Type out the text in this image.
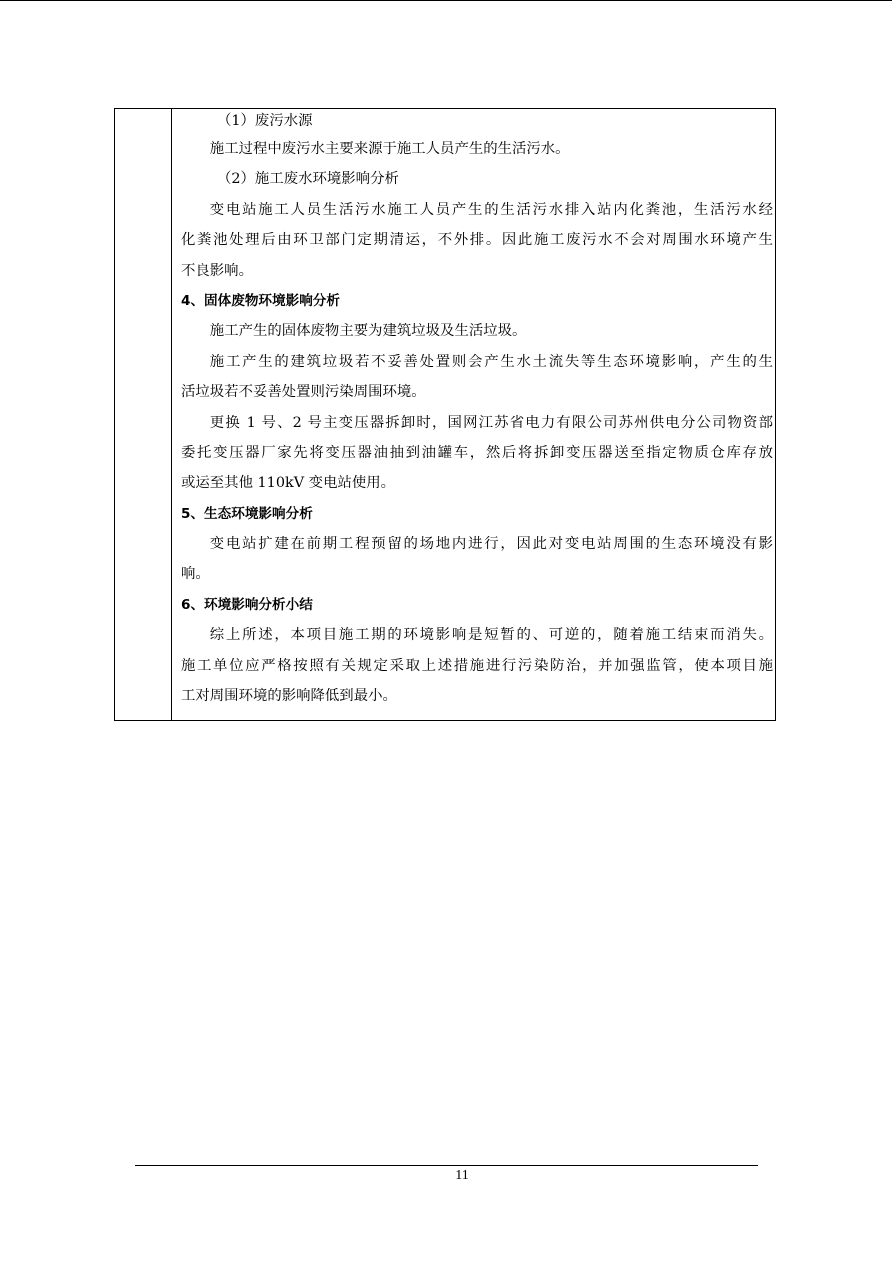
（1）废污水源
施工过程中废污水主要来源于施工人员产生的生活污水。
（2）施工废水环境影响分析
变电站施工人员生活污水施工人员产生的生活污水排入站内化粪池，生活污水经
化粪池处理后由环卫部门定期清运，不外排。因此施工废污水不会对周围水环境产生
不良影响。
4、固体废物环境影响分析
施工产生的固体废物主要为建筑垃圾及生活垃圾。
施工产生的建筑垃圾若不妥善处置则会产生水土流失等生态环境影响，产生的生
活垃圾若不妥善处置则污染周围环境。
更换 1 号、2 号主变压器拆卸时，国网江苏省电力有限公司苏州供电分公司物资部
委托变压器厂家先将变压器油抽到油罐车，然后将拆卸变压器送至指定物质仓库存放
或运至其他 110kV 变电站使用。
5、生态环境影响分析
变电站扩建在前期工程预留的场地内进行，因此对变电站周围的生态环境没有影
响。
6、环境影响分析小结
综上所述，本项目施工期的环境影响是短暂的、可逆的，随着施工结束而消失。
施工单位应严格按照有关规定采取上述措施进行污染防治，并加强监管，使本项目施
工对周围环境的影响降低到最小。
11
